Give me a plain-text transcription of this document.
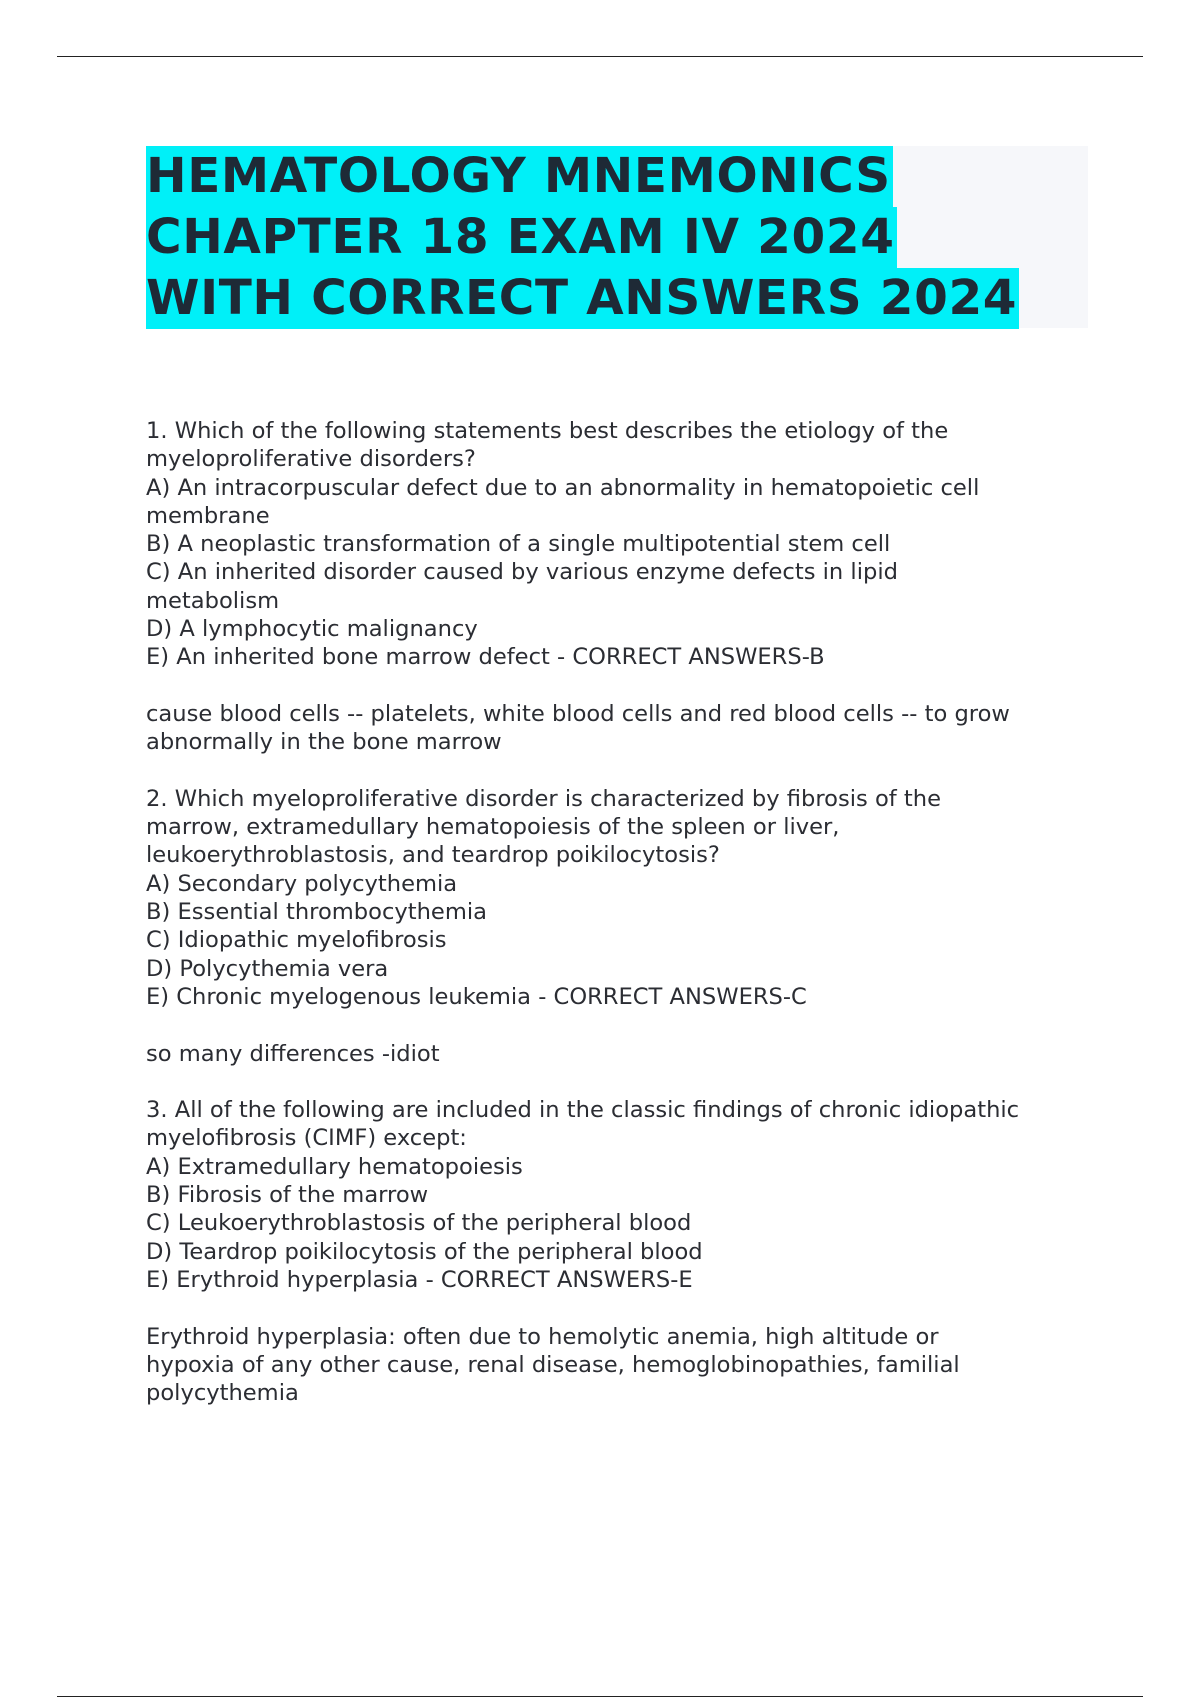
HEMATOLOGY MNEMONICS
CHAPTER 18 EXAM IV 2024
WITH CORRECT ANSWERS 2024
1. Which of the following statements best describes the etiology of the
myeloproliferative disorders?
A) An intracorpuscular defect due to an abnormality in hematopoietic cell
membrane
B) A neoplastic transformation of a single multipotential stem cell
C) An inherited disorder caused by various enzyme defects in lipid
metabolism
D) A lymphocytic malignancy
E) An inherited bone marrow defect - CORRECT ANSWERS-B
cause blood cells -- platelets, white blood cells and red blood cells -- to grow
abnormally in the bone marrow
2. Which myeloproliferative disorder is characterized by fibrosis of the
marrow, extramedullary hematopoiesis of the spleen or liver,
leukoerythroblastosis, and teardrop poikilocytosis?
A) Secondary polycythemia
B) Essential thrombocythemia
C) Idiopathic myelofibrosis
D) Polycythemia vera
E) Chronic myelogenous leukemia - CORRECT ANSWERS-C
so many differences -idiot
3. All of the following are included in the classic findings of chronic idiopathic
myelofibrosis (CIMF) except:
A) Extramedullary hematopoiesis
B) Fibrosis of the marrow
C) Leukoerythroblastosis of the peripheral blood
D) Teardrop poikilocytosis of the peripheral blood
E) Erythroid hyperplasia - CORRECT ANSWERS-E
Erythroid hyperplasia: often due to hemolytic anemia, high altitude or
hypoxia of any other cause, renal disease, hemoglobinopathies, familial
polycythemia
